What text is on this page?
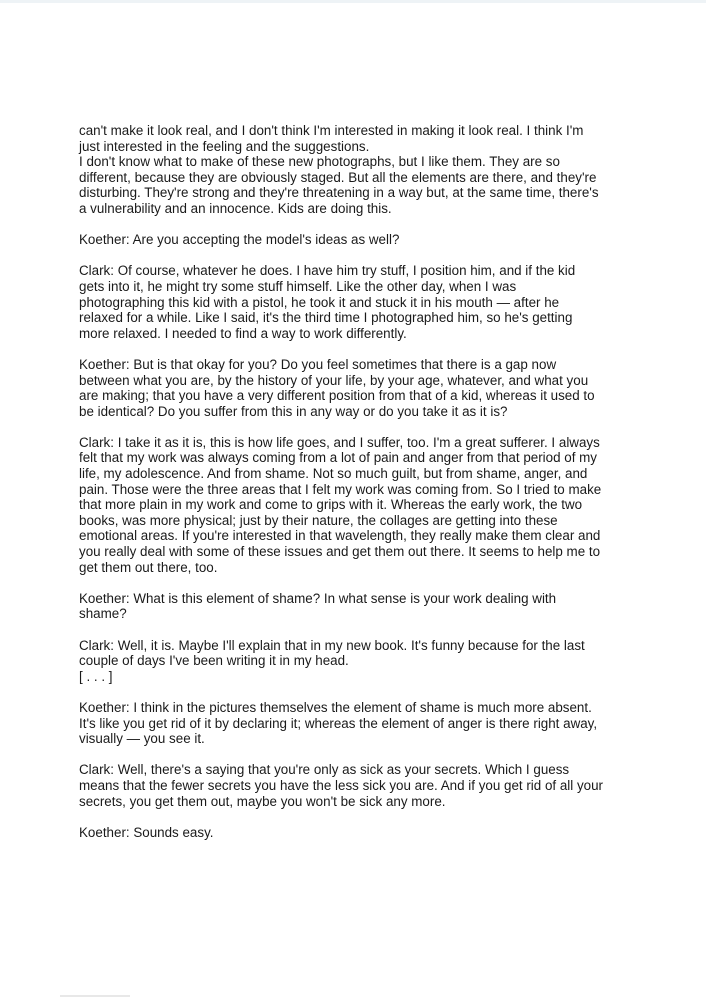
can't make it look real, and I don't think I'm interested in making it look real. I think I'm
just interested in the feeling and the suggestions.

I don't know what to make of these new photographs, but I like them. They are so
different, because they are obviously staged. But all the elements are there, and they're
disturbing. They're strong and they're threatening in a way but, at the same time, there's
a vulnerability and an innocence. Kids are doing this.

Koether: Are you accepting the model's ideas as well?

Clark: Of course, whatever he does. I have him try stuff, I position him, and if the kid
gets into it, he might try some stuff himself. Like the other day, when I was
photographing this kid with a pistol, he took it and stuck it in his mouth — after he
relaxed for a while. Like I said, it's the third time I photographed him, so he's getting
more relaxed. I needed to find a way to work differently.

Koether: But is that okay for you? Do you feel sometimes that there is a gap now
between what you are, by the history of your life, by your age, whatever, and what you
are making; that you have a very different position from that of a kid, whereas it used to
be identical? Do you suffer from this in any way or do you take it as it is?

Clark: I take it as it is, this is how life goes, and I suffer, too. I'm a great sufferer. I always
felt that my work was always coming from a lot of pain and anger from that period of my
life, my adolescence. And from shame. Not so much guilt, but from shame, anger, and
pain. Those were the three areas that I felt my work was coming from. So I tried to make
that more plain in my work and come to grips with it. Whereas the early work, the two
books, was more physical; just by their nature, the collages are getting into these
emotional areas. If you're interested in that wavelength, they really make them clear and
you really deal with some of these issues and get them out there. It seems to help me to
get them out there, too.

Koether: What is this element of shame? In what sense is your work dealing with
shame?

Clark: Well, it is. Maybe I'll explain that in my new book. It's funny because for the last
couple of days I've been writing it in my head.

[ . . . ]

Koether: I think in the pictures themselves the element of shame is much more absent.
It's like you get rid of it by declaring it; whereas the element of anger is there right away,
visually — you see it.

Clark: Well, there's a saying that you're only as sick as your secrets. Which I guess
means that the fewer secrets you have the less sick you are. And if you get rid of all your
secrets, you get them out, maybe you won't be sick any more.

Koether: Sounds easy.
